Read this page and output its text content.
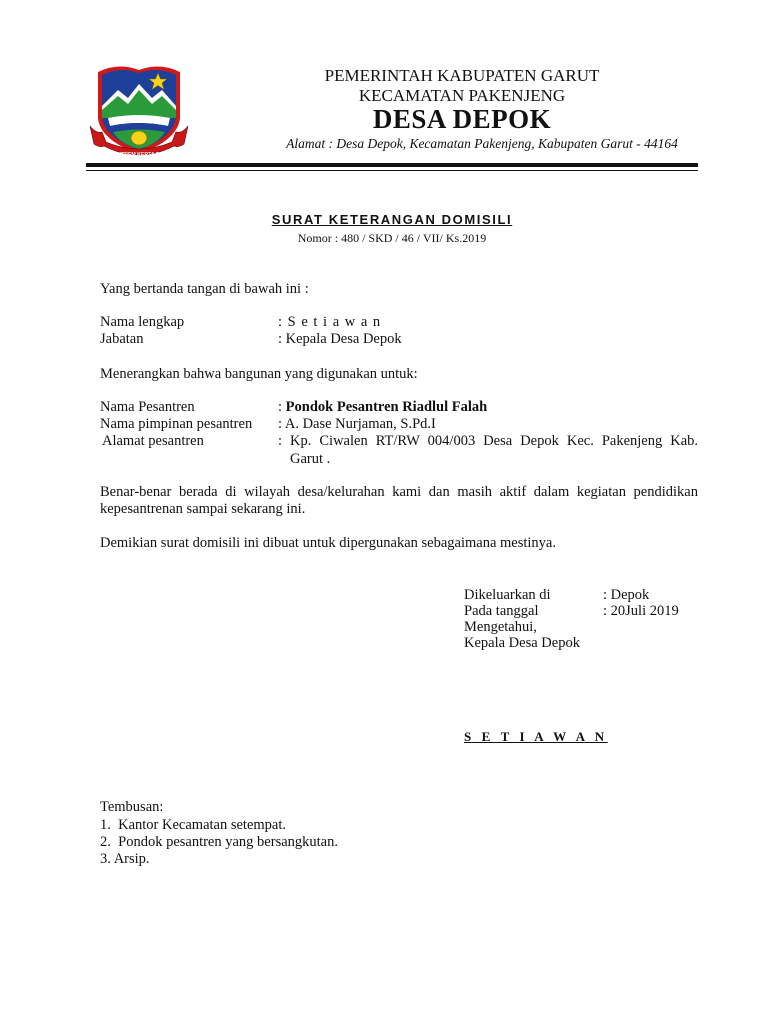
TATA TENTREM KERTA RAHARJA
PEMERINTAH KABUPATEN GARUT
KECAMATAN PAKENJENG
DESA DEPOK
Alamat : Desa Depok, Kecamatan Pakenjeng, Kabupaten Garut - 44164
SURAT KETERANGAN DOMISILI
Nomor : 480 / SKD / 46 / VII/ Ks.2019
Yang bertanda tangan di bawah ini :
Nama lengkap	: S e t i a w a n
Jabatan	: Kepala Desa Depok
Menerangkan bahwa bangunan yang digunakan untuk:
Nama Pesantren	: Pondok Pesantren Riadlul Falah
Nama pimpinan pesantren : A. Dase Nurjaman, S.Pd.I
Alamat pesantren	: Kp. Ciwalen RT/RW 004/003 Desa Depok Kec. Pakenjeng Kab.
Garut .
Benar-benar berada di wilayah desa/kelurahan kami dan masih aktif dalam kegiatan pendidikan kepesantrenan sampai sekarang ini.
Demikian surat domisili ini dibuat untuk dipergunakan sebagaimana mestinya.
Dikeluarkan di	: Depok
Pada tanggal	: 20Juli 2019
Mengetahui,
Kepala Desa Depok
S E T I A W A N
Tembusan:
1.  Kantor Kecamatan setempat.
2.  Pondok pesantren yang bersangkutan.
3. Arsip.
